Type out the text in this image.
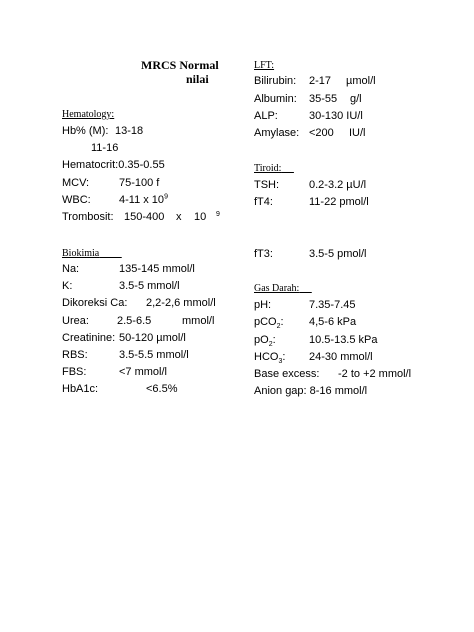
MRCS Normal
nilai
Hematology:
Hb% (M): 13-18
11-16
Hematocrit:0.35-0.55
MCV:	75-100 f
WBC:	4-11 x $10^9$
Trombosit: 150-400 x 10 9
Biokimia
Na:	135-145 mmol/l
K:	3.5-5 mmol/l
Dikoreksi Ca: 2,2-2,6 mmol/l
Urea:	2.5-6.5	mmol/l
Creatinine: 50-120 µmol/l
RBS:	3.5-5.5 mmol/l
FBS:	<7 mmol/l
HbA1c:	<6.5%
LFT:
Bilirubin: 2-17 µmol/l
Albumin: 35-55 g/l
ALP:	30-130 IU/l
Amylase: <200 IU/l
Tiroid:
TSH:	0.2-3.2 µU/l
fT4:	11-22 pmol/l
fT3:	3.5-5 pmol/l
Gas Darah:
pH:	7.35-7.45
pCO$_2$: 4,5-6 kPa
$pO_2$:	10.5-13.5 kPa
$HCO_3$: 24-30 mmol/l
Base excess: -2 to +2 mmol/l
Anion gap: 8-16 mmol/l
